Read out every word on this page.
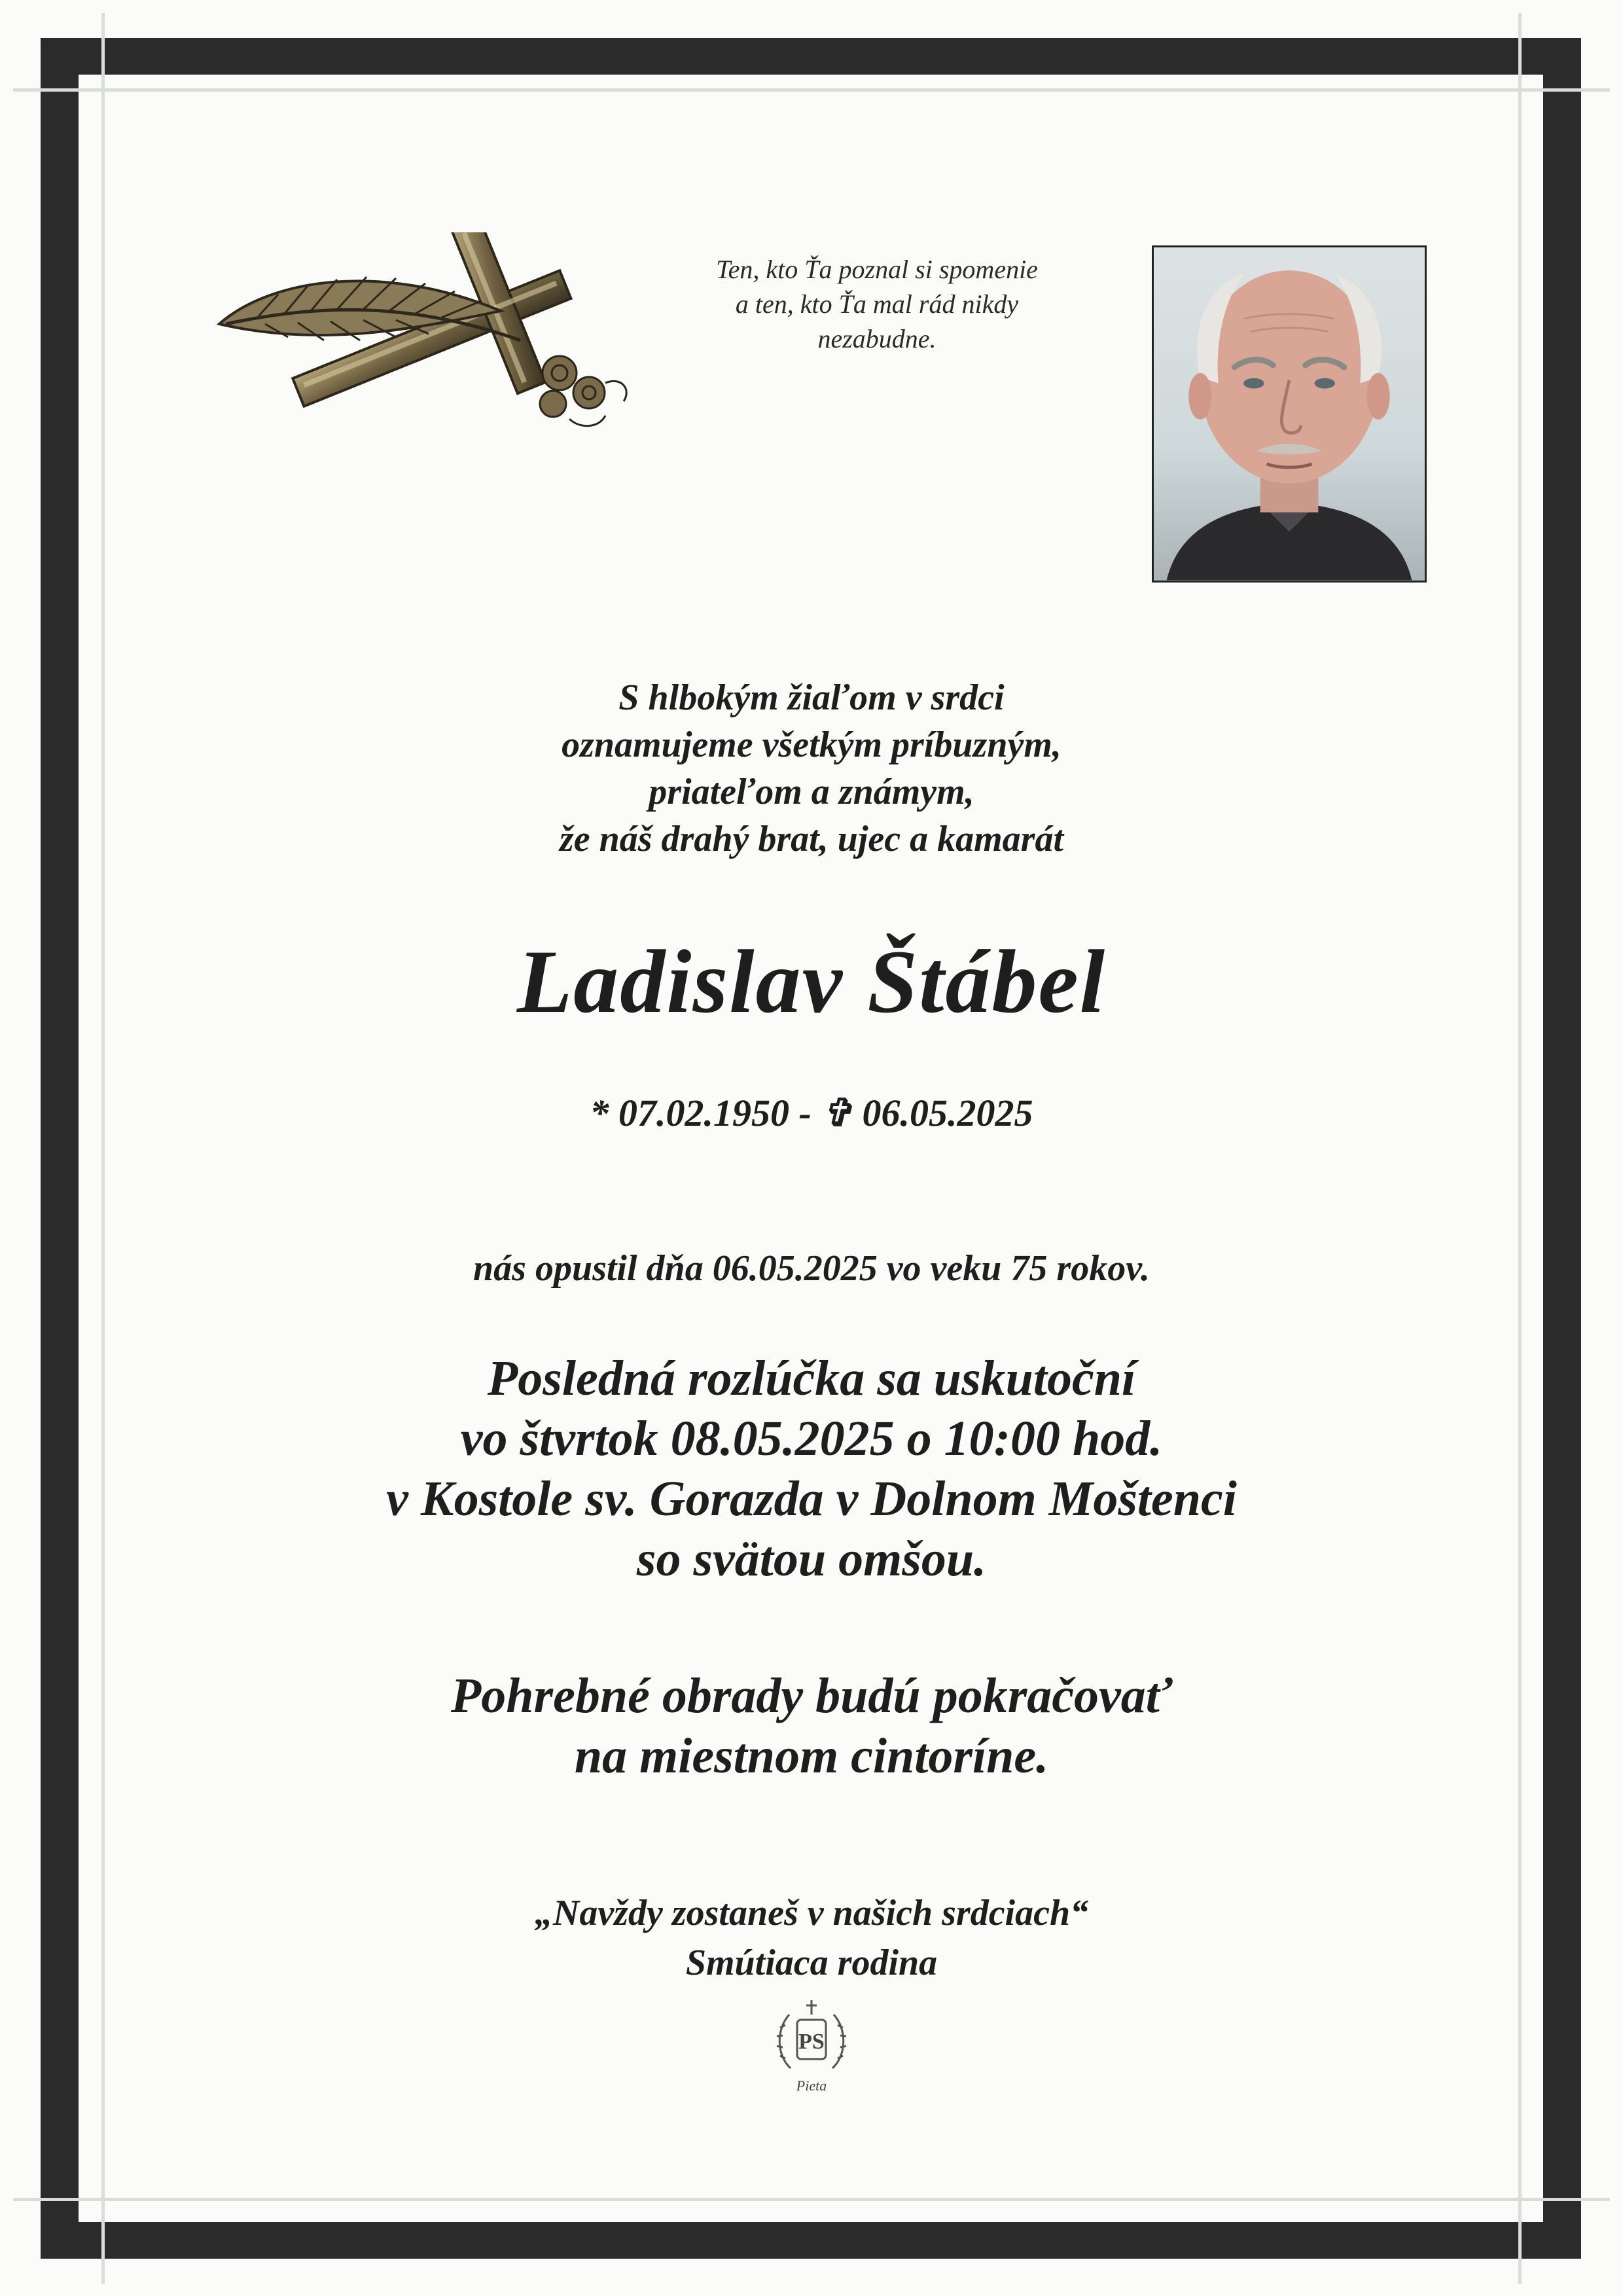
Ten, kto Ťa poznal si spomenie
a ten, kto Ťa mal rád nikdy
nezabudne.
S hlbokým žiaľom v srdci
oznamujeme všetkým príbuzným,
priateľom a známym,
že náš drahý brat, ujec a kamarát
Ladislav Štábel
* 07.02.1950 - ✞ 06.05.2025
nás opustil dňa 06.05.2025 vo veku 75 rokov.
Posledná rozlúčka sa uskutoční
vo štvrtok 08.05.2025 o 10:00 hod.
v Kostole sv. Gorazda v Dolnom Moštenci
so svätou omšou.
Pohrebné obrady budú pokračovať
na miestnom cintoríne.
„Navždy zostaneš v našich srdciach“
Smútiaca rodina
PS
Pieta
